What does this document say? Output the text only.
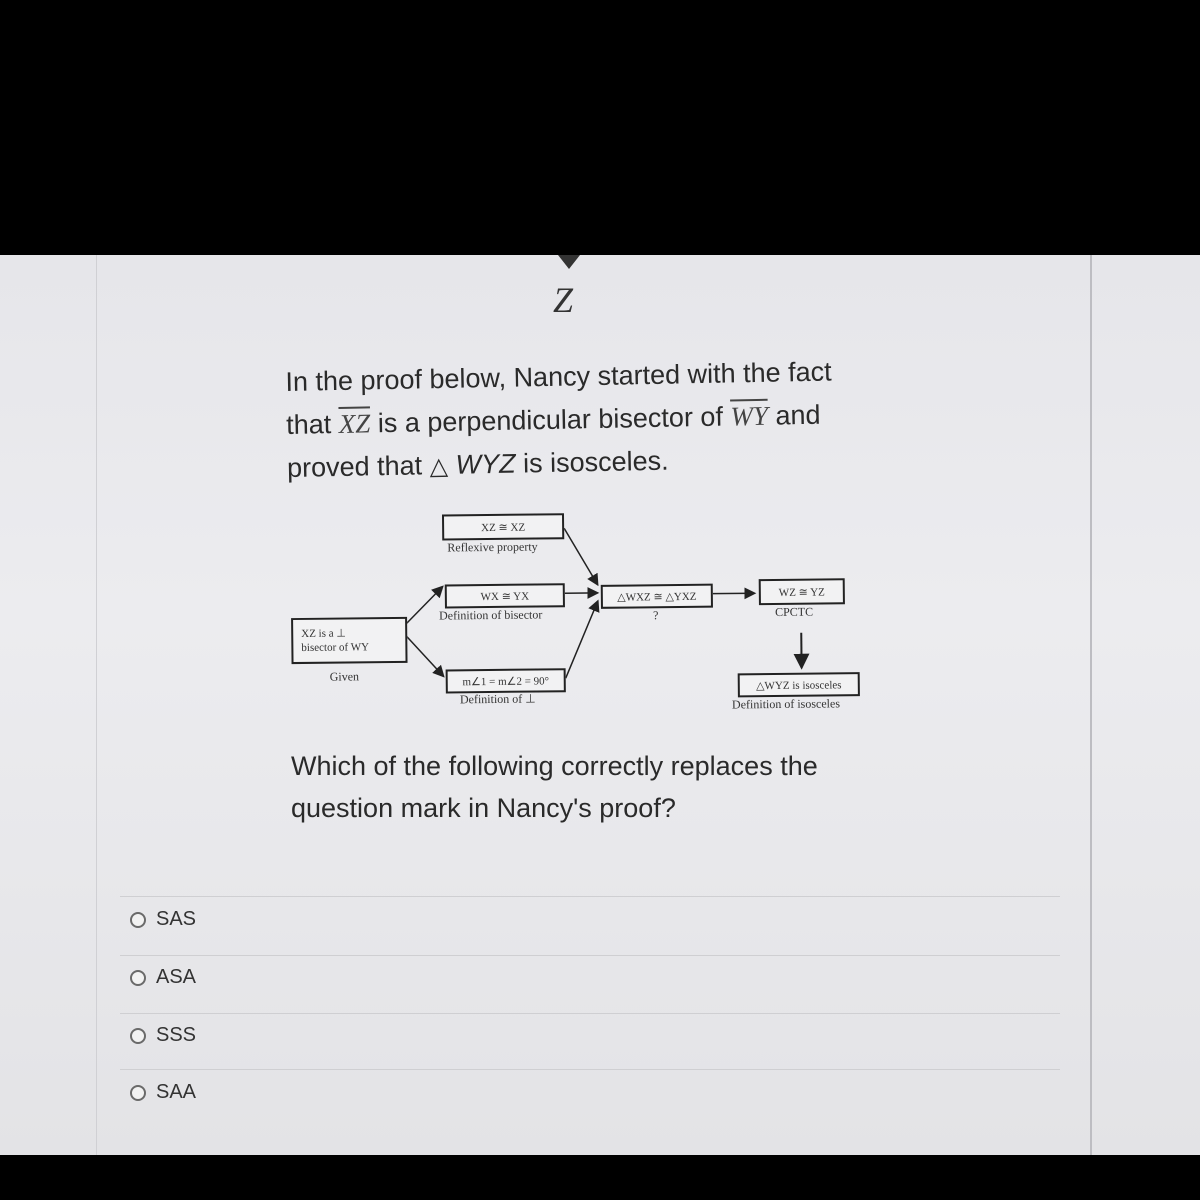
Z
In the proof below, Nancy started with the fact that $\overline{XZ}$ is a perpendicular bisector of $\overline{WY}$ and proved that △ WYZ is isosceles.
XZ is a ⊥
bisector of WY
Given
XZ ≅ XZ
Reflexive property
WX ≅ YX
Definition of bisector
m∠1 = m∠2 = 90°
Definition of ⊥
△WXZ ≅ △YXZ
?
WZ ≅ YZ
CPCTC
△WYZ is isosceles
Definition of isosceles
Which of the following correctly replaces the question mark in Nancy's proof?
SAS
ASA
SSS
SAA
